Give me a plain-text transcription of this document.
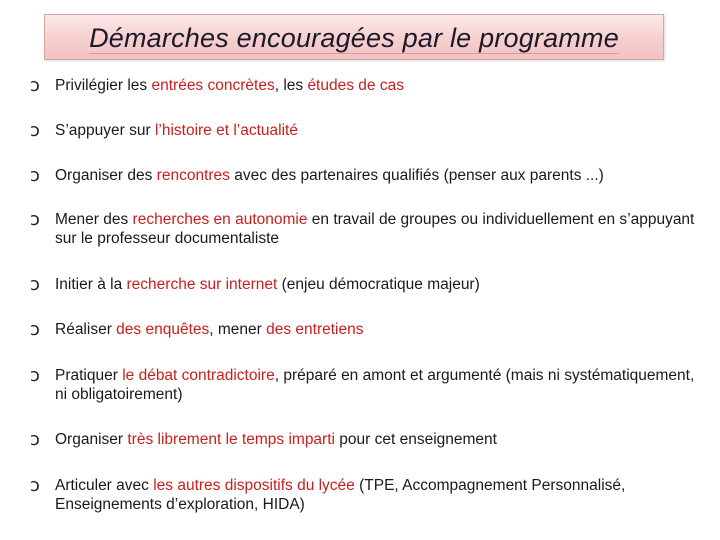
Démarches encouragées par le programme
ↄ Privilégier les entrées concrètes, les études de cas
ↄ S’appuyer sur l’histoire et l’actualité
ↄ Organiser des rencontres avec des partenaires qualifiés (penser aux parents ...)
ↄ Mener des recherches en autonomie en travail de groupes ou individuellement en s’appuyant sur le professeur documentaliste
ↄ Initier à la recherche sur internet (enjeu démocratique majeur)
ↄ Réaliser des enquêtes, mener des entretiens
ↄ Pratiquer le débat contradictoire, préparé en amont et argumenté (mais ni systématiquement, ni obligatoirement)
ↄ Organiser très librement le temps imparti pour cet enseignement
ↄ Articuler avec les autres dispositifs du lycée (TPE, Accompagnement Personnalisé, Enseignements d’exploration, HIDA)
